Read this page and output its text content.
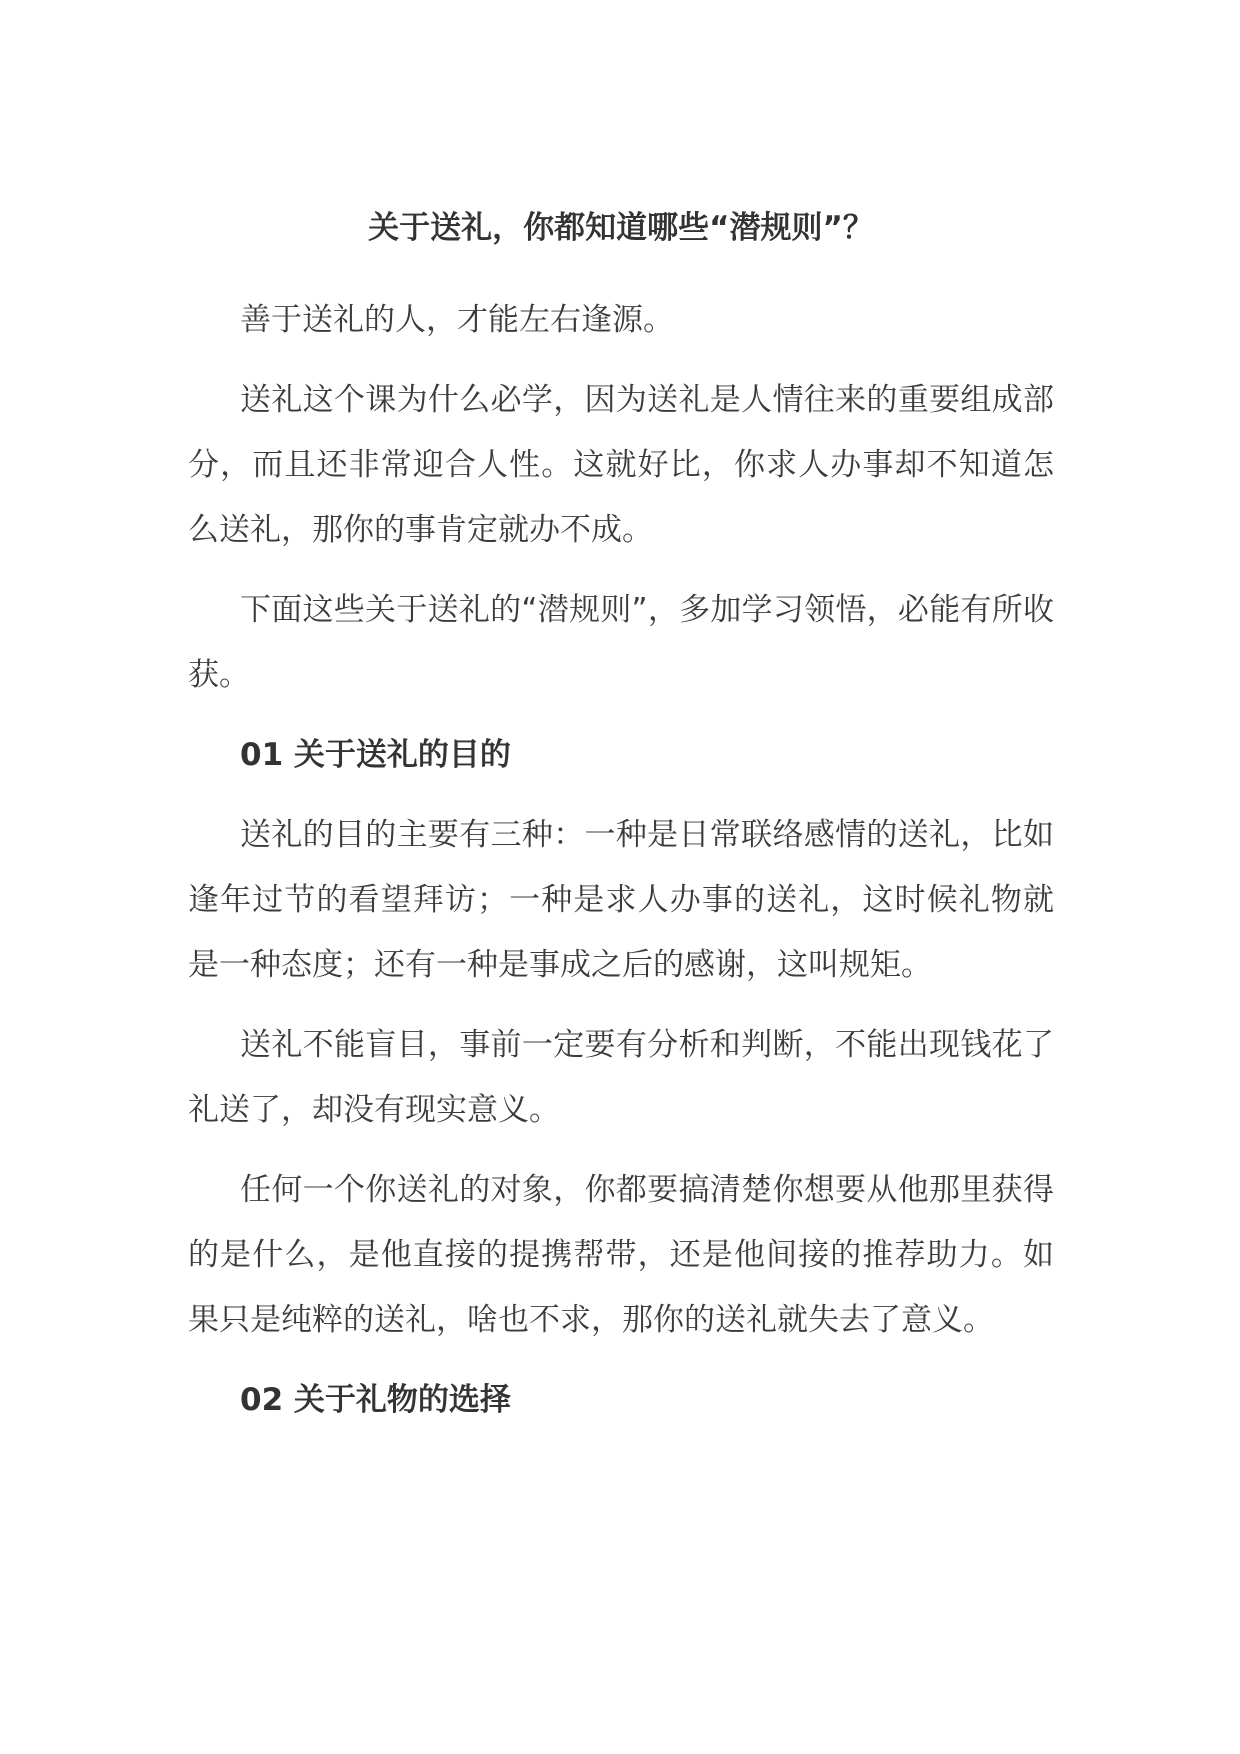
关于送礼，你都知道哪些“潜规则”？

善于送礼的人，才能左右逢源。

送礼这个课为什么必学，因为送礼是人情往来的重要组成部分，而且还非常迎合人性。这就好比，你求人办事却不知道怎么送礼，那你的事肯定就办不成。

下面这些关于送礼的“潜规则”，多加学习领悟，必能有所收获。

01 关于送礼的目的

送礼的目的主要有三种：一种是日常联络感情的送礼，比如逢年过节的看望拜访；一种是求人办事的送礼，这时候礼物就是一种态度；还有一种是事成之后的感谢，这叫规矩。

送礼不能盲目，事前一定要有分析和判断，不能出现钱花了礼送了，却没有现实意义。

任何一个你送礼的对象，你都要搞清楚你想要从他那里获得的是什么，是他直接的提携帮带，还是他间接的推荐助力。如果只是纯粹的送礼，啥也不求，那你的送礼就失去了意义。

02 关于礼物的选择
